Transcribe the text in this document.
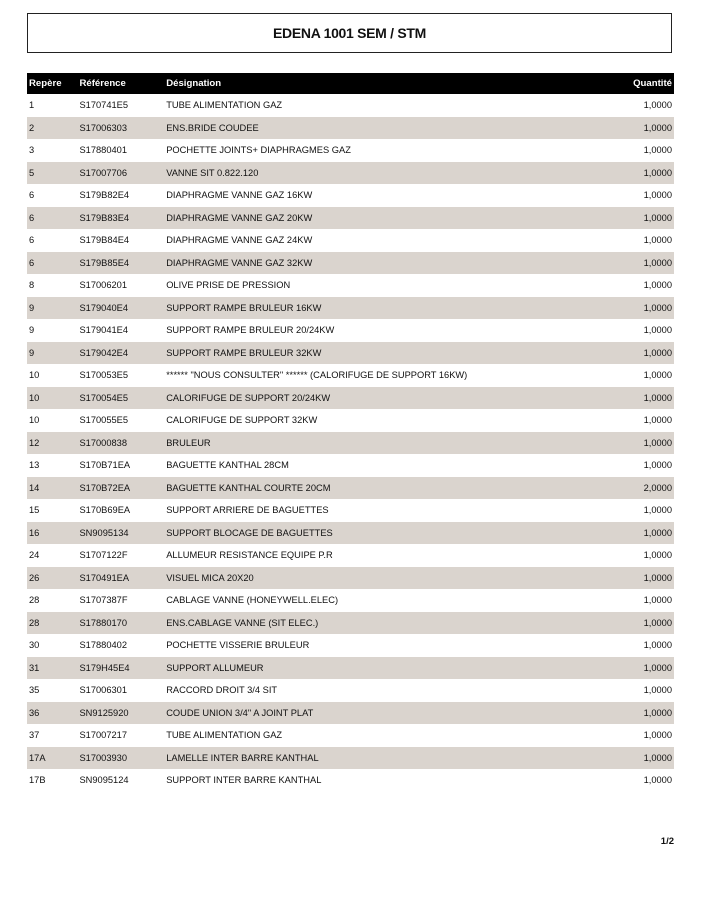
EDENA 1001 SEM / STM
Repère	Référence	Désignation	Quantité
1	S170741E5	TUBE ALIMENTATION GAZ	1,0000
2	S17006303	ENS.BRIDE COUDEE	1,0000
3	S17880401	POCHETTE JOINTS+ DIAPHRAGMES GAZ	1,0000
5	S17007706	VANNE SIT 0.822.120	1,0000
6	S179B82E4	DIAPHRAGME VANNE GAZ 16KW	1,0000
6	S179B83E4	DIAPHRAGME VANNE GAZ 20KW	1,0000
6	S179B84E4	DIAPHRAGME VANNE GAZ 24KW	1,0000
6	S179B85E4	DIAPHRAGME VANNE GAZ 32KW	1,0000
8	S17006201	OLIVE PRISE DE PRESSION	1,0000
9	S179040E4	SUPPORT RAMPE BRULEUR 16KW	1,0000
9	S179041E4	SUPPORT RAMPE BRULEUR 20/24KW	1,0000
9	S179042E4	SUPPORT RAMPE BRULEUR 32KW	1,0000
10	S170053E5	****** "NOUS CONSULTER" ****** (CALORIFUGE DE SUPPORT 16KW)	1,0000
10	S170054E5	CALORIFUGE DE SUPPORT 20/24KW	1,0000
10	S170055E5	CALORIFUGE DE SUPPORT 32KW	1,0000
12	S17000838	BRULEUR	1,0000
13	S170B71EA	BAGUETTE KANTHAL 28CM	1,0000
14	S170B72EA	BAGUETTE KANTHAL COURTE 20CM	2,0000
15	S170B69EA	SUPPORT ARRIERE DE BAGUETTES	1,0000
16	SN9095134	SUPPORT BLOCAGE DE BAGUETTES	1,0000
24	S1707122F	ALLUMEUR RESISTANCE EQUIPE P.R	1,0000
26	S170491EA	VISUEL MICA 20X20	1,0000
28	S1707387F	CABLAGE VANNE (HONEYWELL.ELEC)	1,0000
28	S17880170	ENS.CABLAGE VANNE (SIT ELEC.)	1,0000
30	S17880402	POCHETTE VISSERIE BRULEUR	1,0000
31	S179H45E4	SUPPORT ALLUMEUR	1,0000
35	S17006301	RACCORD DROIT 3/4 SIT	1,0000
36	SN9125920	COUDE UNION 3/4" A JOINT PLAT	1,0000
37	S17007217	TUBE ALIMENTATION GAZ	1,0000
17A	S17003930	LAMELLE INTER BARRE KANTHAL	1,0000
17B	SN9095124	SUPPORT INTER BARRE KANTHAL	1,0000
1/2
